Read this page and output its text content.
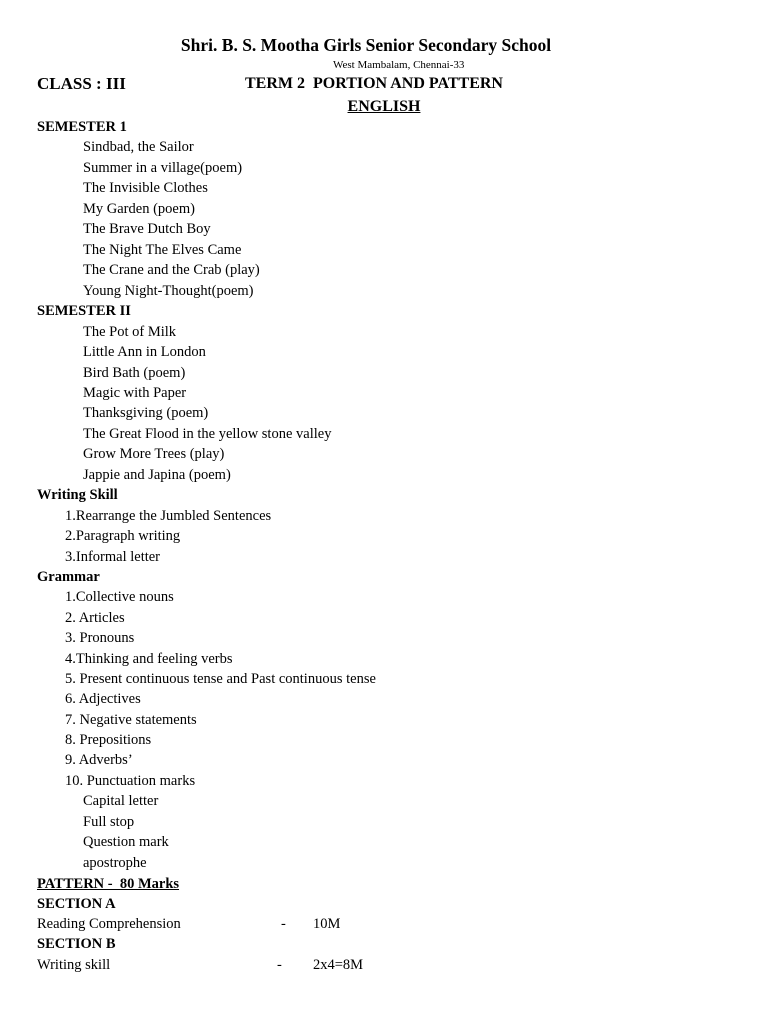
Shri. B. S. Mootha Girls Senior Secondary School
West Mambalam, Chennai-33
CLASS : III	TERM 2  PORTION AND PATTERN
ENGLISH
SEMESTER 1
Sindbad, the Sailor
Summer in a village(poem)
The Invisible Clothes
My Garden (poem)
The Brave Dutch Boy
The Night The Elves Came
The Crane and the Crab (play)
Young Night-Thought(poem)
SEMESTER II
The Pot of Milk
Little Ann in London
Bird Bath (poem)
Magic with Paper
Thanksgiving (poem)
The Great Flood in the yellow stone valley
Grow More Trees (play)
Jappie and Japina (poem)
Writing Skill
1.Rearrange the Jumbled Sentences
2.Paragraph writing
3.Informal letter
Grammar
1.Collective nouns
2. Articles
3. Pronouns
4.Thinking and feeling verbs
5. Present continuous tense and Past continuous tense
6. Adjectives
7. Negative statements
8. Prepositions
9. Adverbs’
10. Punctuation marks
Capital letter
Full stop
Question mark
apostrophe
PATTERN -  80 Marks
SECTION A
Reading Comprehension	- 10M
SECTION B
Writing skill	- 2x4=8M
